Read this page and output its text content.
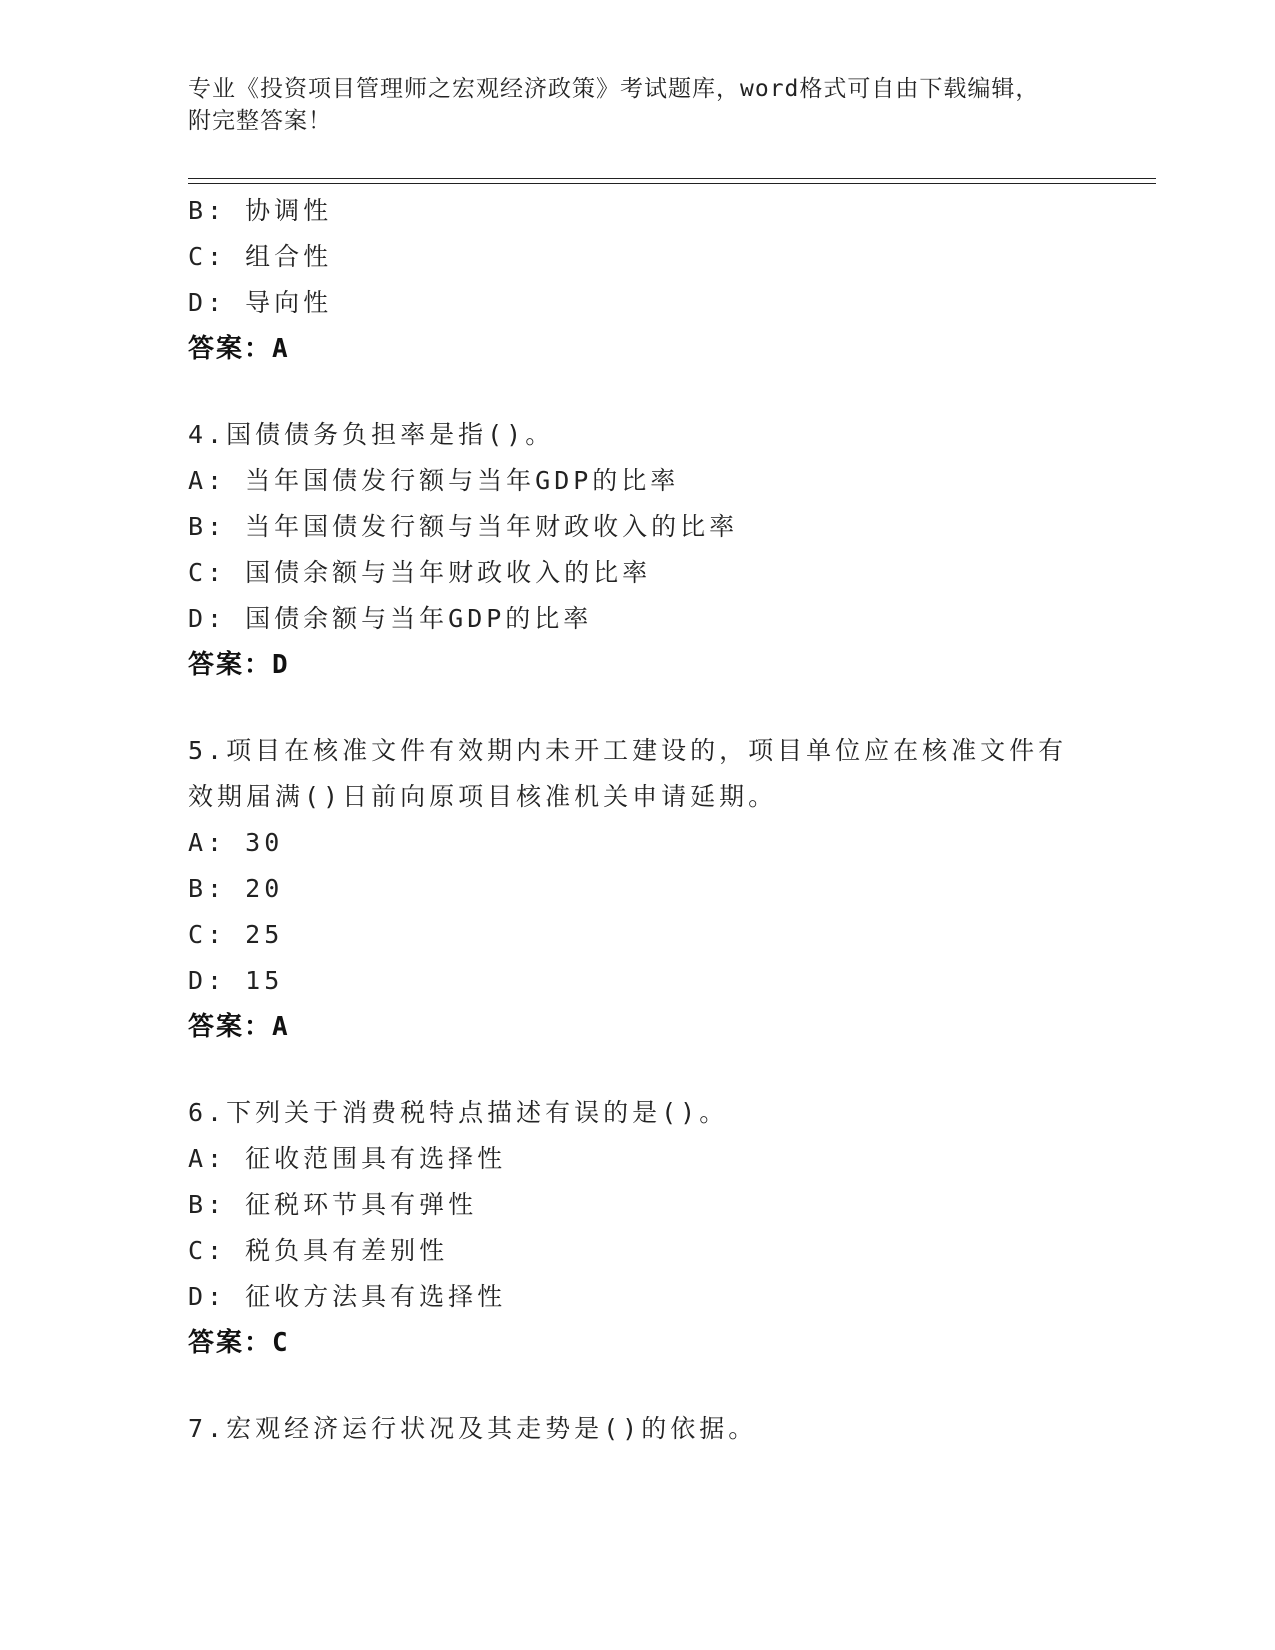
专业《投资项目管理师之宏观经济政策》考试题库，word格式可自由下载编辑，
附完整答案！
B: 协调性
C: 组合性
D: 导向性
答案：A
4.国债债务负担率是指()。
A: 当年国债发行额与当年GDP的比率
B: 当年国债发行额与当年财政收入的比率
C: 国债余额与当年财政收入的比率
D: 国债余额与当年GDP的比率
答案：D
5.项目在核准文件有效期内未开工建设的，项目单位应在核准文件有
效期届满()日前向原项目核准机关申请延期。
A: 30
B: 20
C: 25
D: 15
答案：A
6.下列关于消费税特点描述有误的是()。
A: 征收范围具有选择性
B: 征税环节具有弹性
C: 税负具有差别性
D: 征收方法具有选择性
答案：C
7.宏观经济运行状况及其走势是()的依据。
